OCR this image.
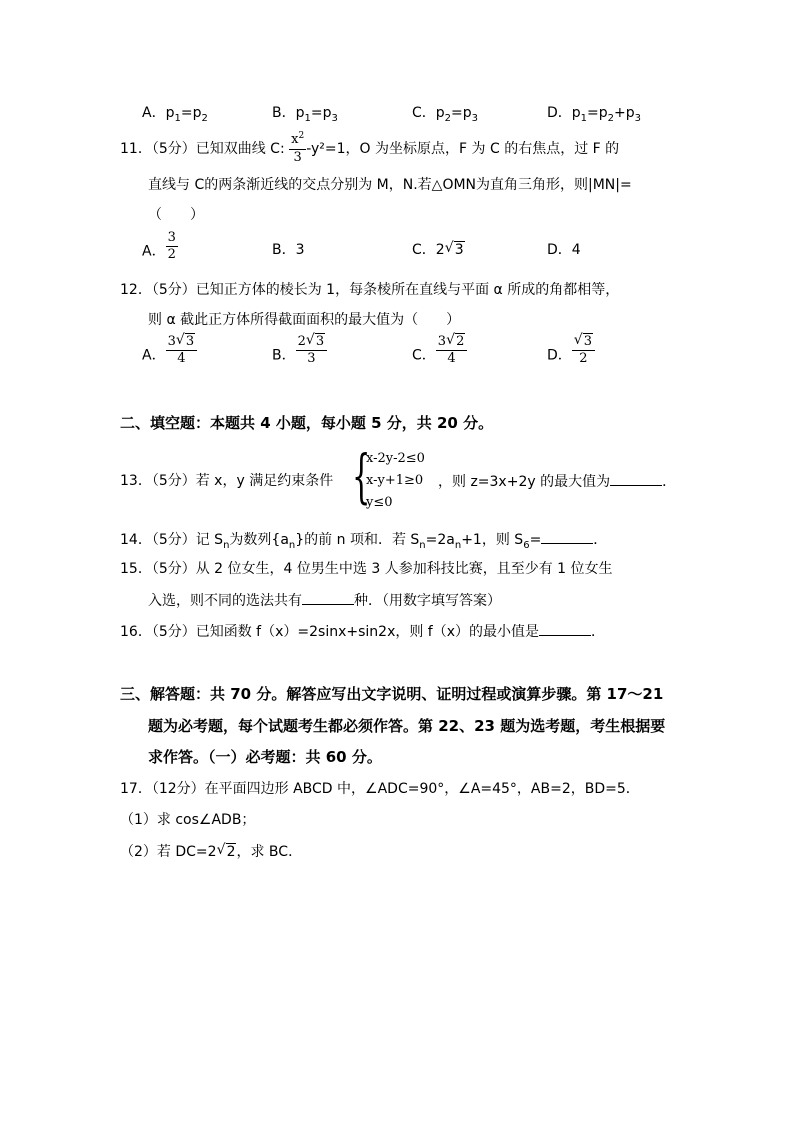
A．$p_1=p_2$	B．$p_1=p_3$	C．$p_2=p_3$	D．$p_1=p_2+p_3$
11．（5分）已知双曲线 C: $\frac{x^2}{3} -y^2=1$，O 为坐标原点，F 为 C 的右焦点，过 F 的
直线与 C的两条渐近线的交点分别为 M，N.若△OMN为直角三角形，则|MN|=
（　　）
A． $\frac{3}{2}$	B．3	C．2 √ 3	D．4
12．（5分）已知正方体的棱长为 1，每条棱所在直线与平面 α 所成的角都相等，
则 α 截此正方体所得截面面积的最大值为（　　）
A． $\frac{3 √ 3}{4}$	B． $\frac{2 √ 3}{3}$	C． $\frac{3 √ 2}{4}$	D． $\frac{√ 3}{2}$
二、填空题：本题共 4 小题，每小题 5 分，共 20 分。
13．（5分）若 x，y 满足约束条件 {
x-2y-2≤0
x-y+1≥0
y≤0
，则 z=3x+2y 的最大值为	．
14．（5分）记 $S_n$为数列$\{a_n\}$的前 n 项和．若 $S_n=2a_n+1$，则 $S_6=$	．
15．（5分）从 2 位女生，4 位男生中选 3 人参加科技比赛，且至少有 1 位女生
入选，则不同的选法共有	种．（用数字填写答案）
16．（5分）已知函数 f（x）=2sinx+sin2x，则 f（x）的最小值是	．
三、解答题：共 70 分。解答应写出文字说明、证明过程或演算步骤。第 17～21
题为必考题，每个试题考生都必须作答。第 22、23 题为选考题，考生根据要
求作答。（一）必考题：共 60 分。
17．（12分）在平面四边形 ABCD 中，∠ADC=90°，∠A=45°，AB=2，BD=5．
（1）求 cos∠ADB；
（2）若 DC=2 √ 2，求 BC．
